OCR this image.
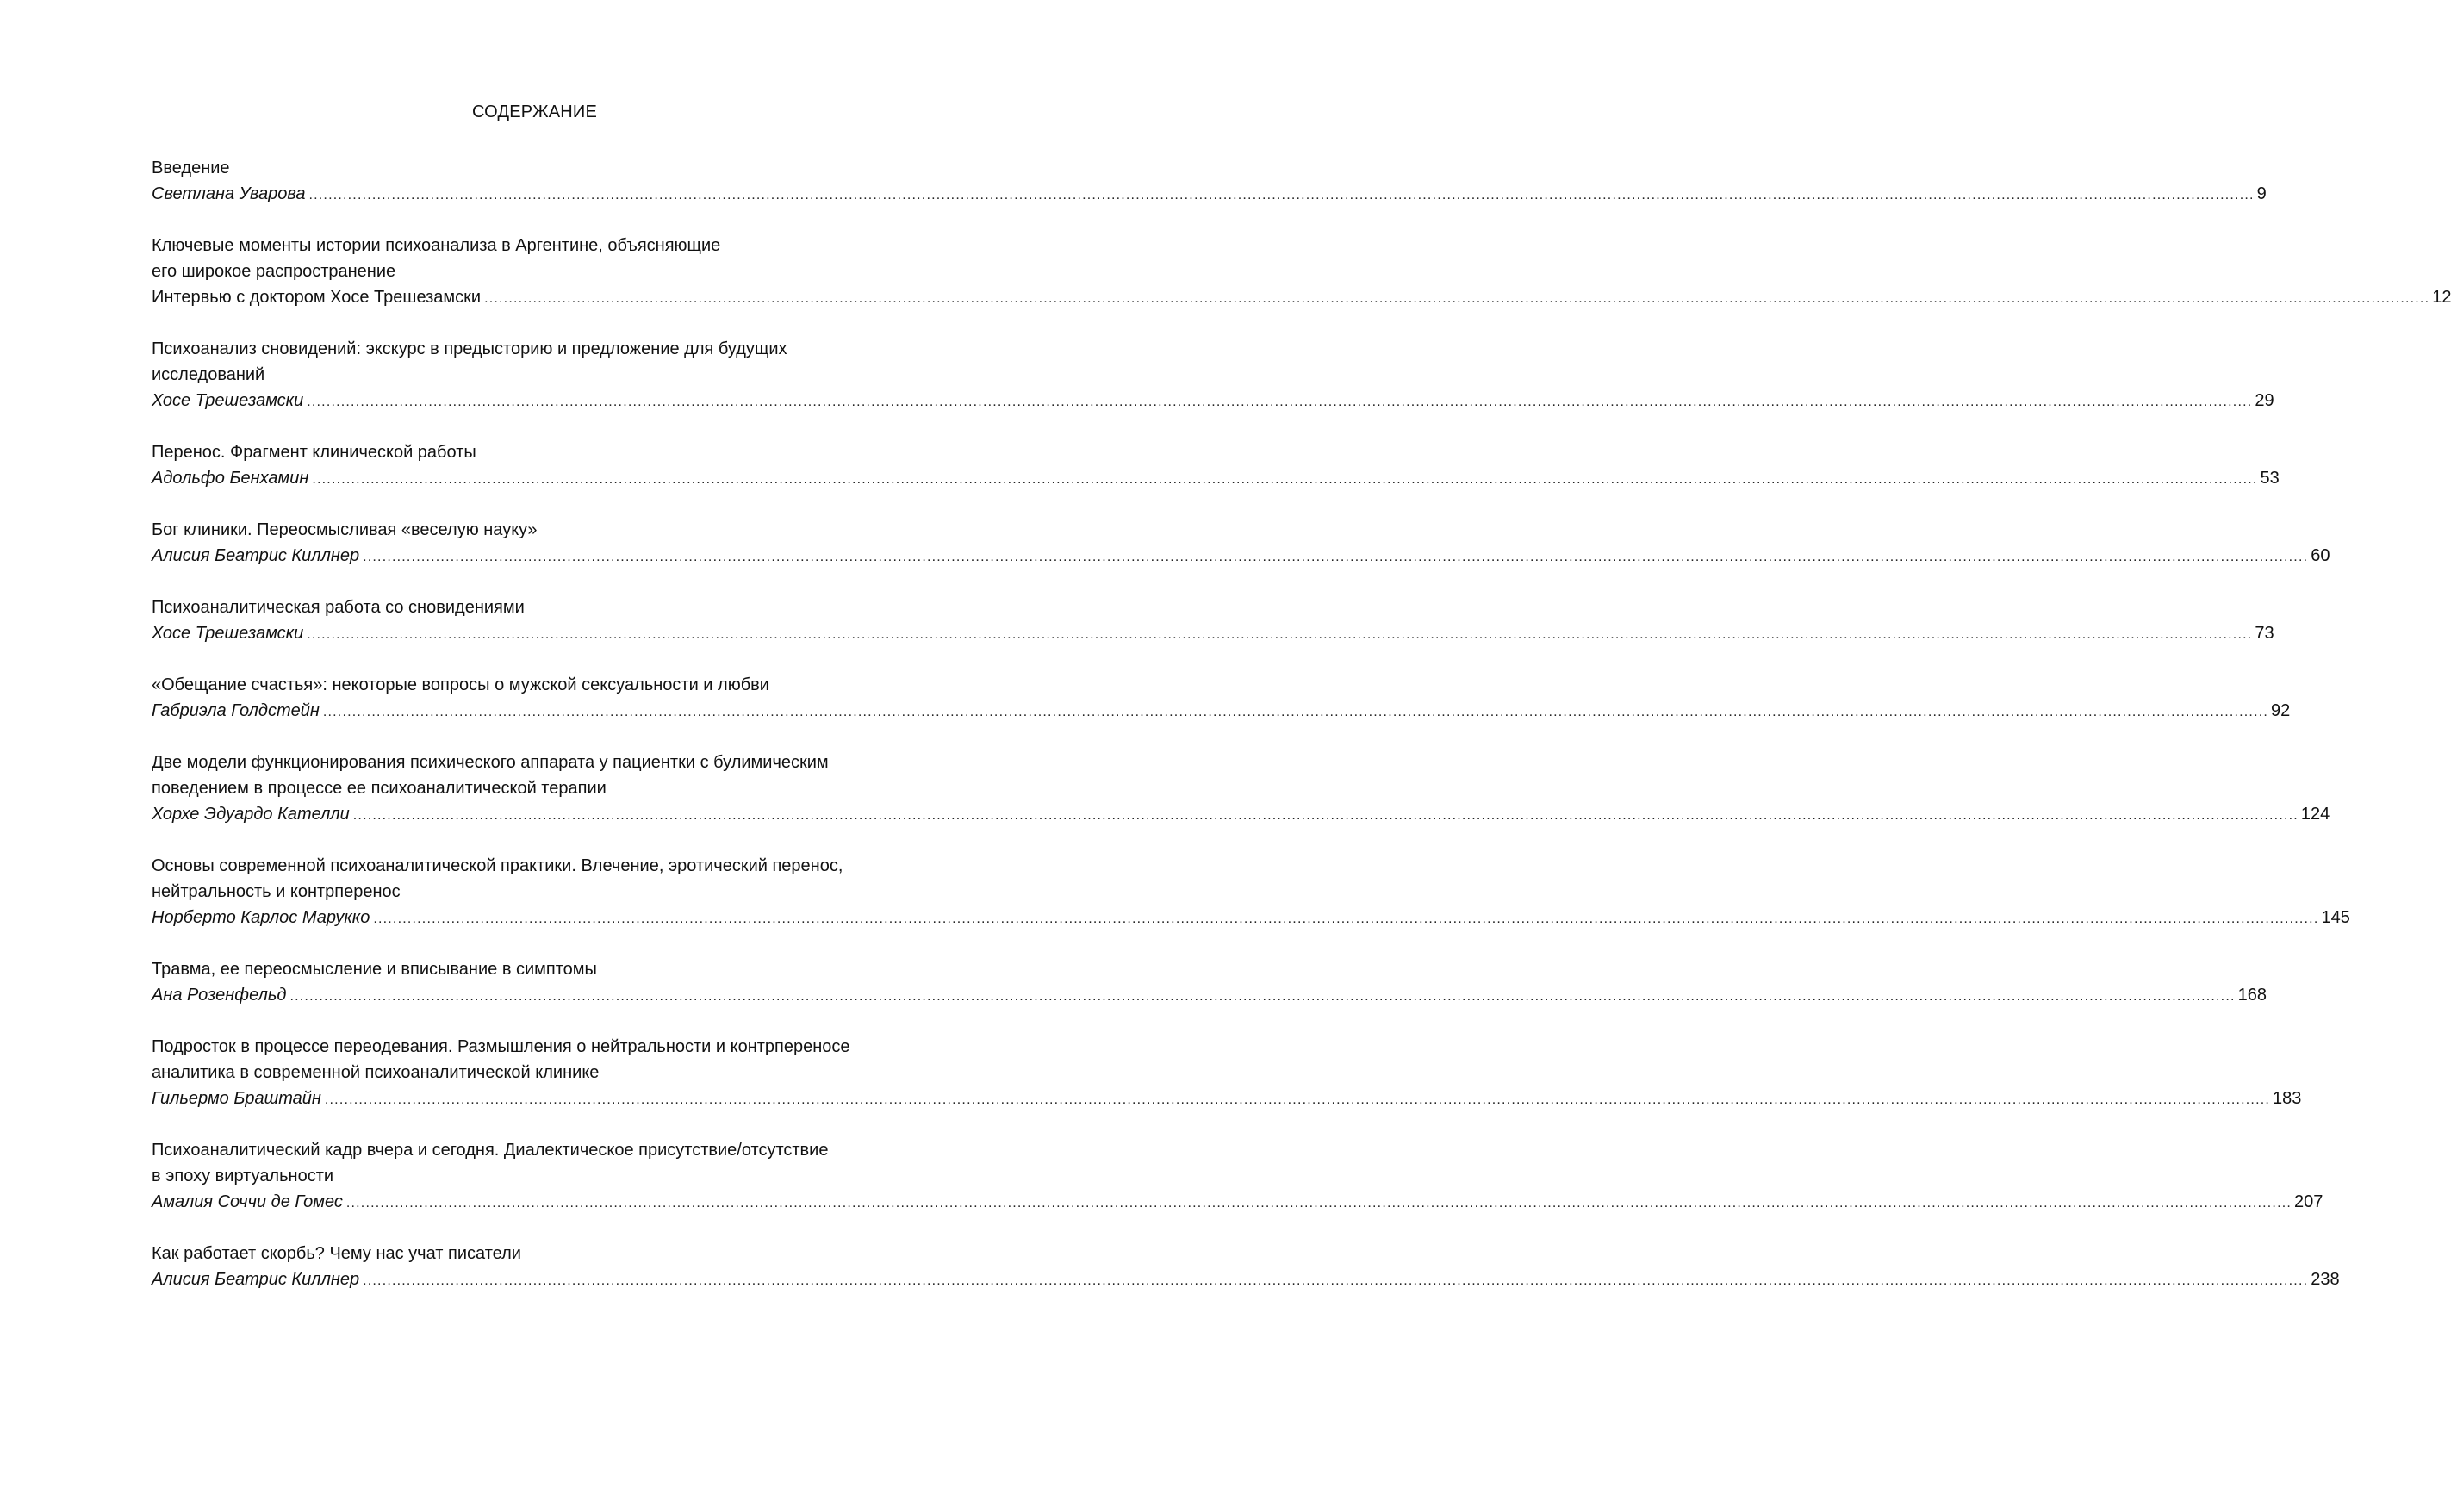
СОДЕРЖАНИЕ
Введение
Светлана Уварова ................................................................................................................................................................................................................................................................................................................................................................................................................ 9
Ключевые моменты истории психоанализа в Аргентине, объясняющие
его широкое распространение
Интервью с доктором Хосе Трешезамски ................................................................................................................................................................................................................................................................................................................................................................................................................ 12
Психоанализ сновидений: экскурс в предысторию и предложение для будущих
исследований
Хосе Трешезамски ................................................................................................................................................................................................................................................................................................................................................................................................................ 29
Перенос. Фрагмент клинической работы
Адольфо Бенхамин ................................................................................................................................................................................................................................................................................................................................................................................................................ 53
Бог клиники. Переосмысливая «веселую науку»
Алисия Беатрис Киллнер ................................................................................................................................................................................................................................................................................................................................................................................................................ 60
Психоаналитическая работа со сновидениями
Хосе Трешезамски ................................................................................................................................................................................................................................................................................................................................................................................................................ 73
«Обещание счастья»: некоторые вопросы о мужской сексуальности и любви
Габриэла Голдстейн ................................................................................................................................................................................................................................................................................................................................................................................................................ 92
Две модели функционирования психического аппарата у пациентки с булимическим
поведением в процессе ее психоаналитической терапии
Хорхе Эдуардо Кателли ................................................................................................................................................................................................................................................................................................................................................................................................................ 124
Основы современной психоаналитической практики. Влечение, эротический перенос,
нейтральность и контрперенос
Норберто Карлос Марукко ................................................................................................................................................................................................................................................................................................................................................................................................................ 145
Травма, ее переосмысление и вписывание в симптомы
Ана Розенфельд ................................................................................................................................................................................................................................................................................................................................................................................................................ 168
Подросток в процессе переодевания. Размышления о нейтральности и контрпереносе
аналитика в современной психоаналитической клинике
Гильермо Браштайн ................................................................................................................................................................................................................................................................................................................................................................................................................ 183
Психоаналитический кадр вчера и сегодня. Диалектическое присутствие/отсутствие
в эпоху виртуальности
Амалия Соччи де Гомес ................................................................................................................................................................................................................................................................................................................................................................................................................ 207
Как работает скорбь? Чему нас учат писатели
Алисия Беатрис Киллнер ................................................................................................................................................................................................................................................................................................................................................................................................................ 238
